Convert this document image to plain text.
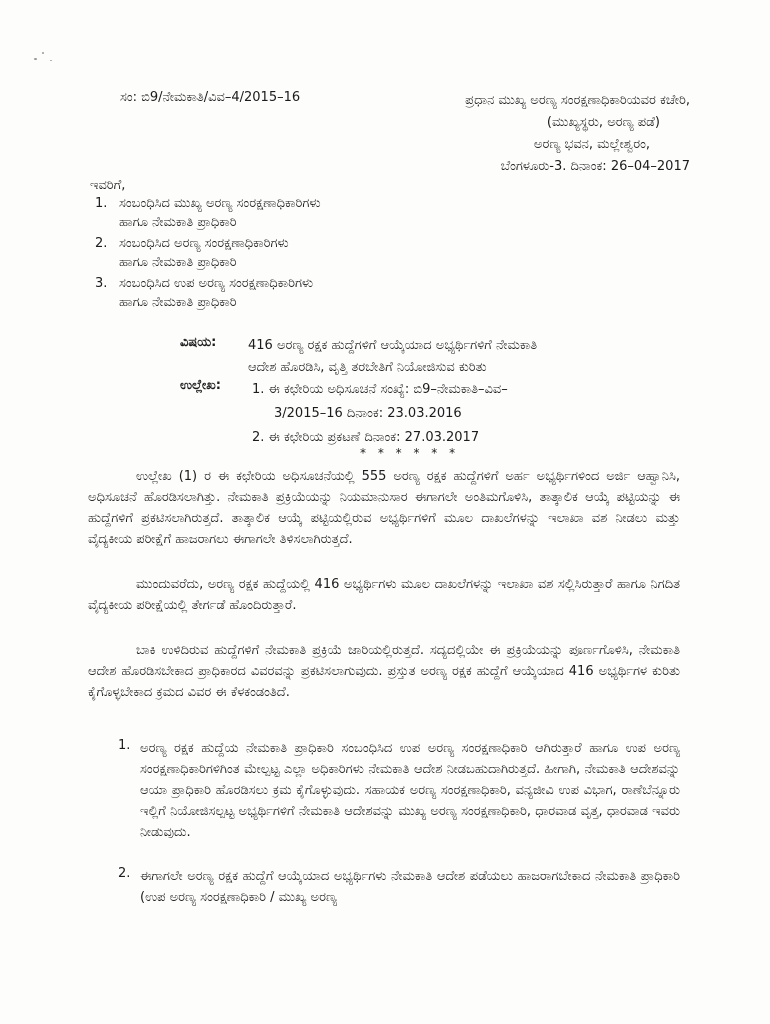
ಸಂ: ಬಿ9/ನೇಮಕಾತಿ/ವಿವ–4/2015–16	ಪ್ರಧಾನ ಮುಖ್ಯ ಅರಣ್ಯ ಸಂರಕ್ಷಣಾಧಿಕಾರಿಯವರ ಕಚೇರಿ,
(ಮುಖ್ಯಸ್ಥರು, ಅರಣ್ಯ ಪಡೆ)
ಅರಣ್ಯ ಭವನ, ಮಲ್ಲೇಶ್ವರಂ,
ಬೆಂಗಳೂರು-3. ದಿನಾಂಕ: 26–04–2017
ಇವರಿಗೆ,
1. ಸಂಬಂಧಿಸಿದ ಮುಖ್ಯ ಅರಣ್ಯ ಸಂರಕ್ಷಣಾಧಿಕಾರಿಗಳು
ಹಾಗೂ ನೇಮಕಾತಿ ಪ್ರಾಧಿಕಾರಿ
2. ಸಂಬಂಧಿಸಿದ ಅರಣ್ಯ ಸಂರಕ್ಷಣಾಧಿಕಾರಿಗಳು
ಹಾಗೂ ನೇಮಕಾತಿ ಪ್ರಾಧಿಕಾರಿ
3. ಸಂಬಂಧಿಸಿದ ಉಪ ಅರಣ್ಯ ಸಂರಕ್ಷಣಾಧಿಕಾರಿಗಳು
ಹಾಗೂ ನೇಮಕಾತಿ ಪ್ರಾಧಿಕಾರಿ
ವಿಷಯ: 416 ಅರಣ್ಯ ರಕ್ಷಕ ಹುದ್ದೆಗಳಿಗೆ ಆಯ್ಕೆಯಾದ ಅಭ್ಯರ್ಥಿಗಳಿಗೆ ನೇಮಕಾತಿ
ಆದೇಶ ಹೊರಡಿಸಿ, ವೃತ್ತಿ ತರಬೇತಿಗೆ ನಿಯೋಜಿಸುವ ಕುರಿತು
ಉಲ್ಲೇಖ: 1. ಈ ಕಛೇರಿಯ ಅಧಿಸೂಚನೆ ಸಂಖ್ಯೆ: ಬಿ9–ನೇಮಕಾತಿ–ವಿವ–
3/2015–16 ದಿನಾಂಕ: 23.03.2016
2. ಈ ಕಛೇರಿಯ ಪ್ರಕಟಣೆ ದಿನಾಂಕ: 27.03.2017
* * * * * *
ಉಲ್ಲೇಖ (1) ರ ಈ ಕಛೇರಿಯ ಅಧಿಸೂಚನೆಯಲ್ಲಿ 555 ಅರಣ್ಯ ರಕ್ಷಕ ಹುದ್ದೆಗಳಿಗೆ ಅರ್ಹ ಅಭ್ಯರ್ಥಿಗಳಿಂದ ಅರ್ಜಿ ಆಹ್ವಾನಿಸಿ, ಅಧಿಸೂಚನೆ ಹೊರಡಿಸಲಾಗಿತ್ತು. ನೇಮಕಾತಿ ಪ್ರಕ್ರಿಯೆಯನ್ನು ನಿಯಮಾನುಸಾರ ಈಗಾಗಲೇ ಅಂತಿಮಗೊಳಿಸಿ, ತಾತ್ಕಾಲಿಕ ಆಯ್ಕೆ ಪಟ್ಟಿಯನ್ನು ಈ ಹುದ್ದೆಗಳಿಗೆ ಪ್ರಕಟಿಸಲಾಗಿರುತ್ತದೆ. ತಾತ್ಕಾಲಿಕ ಆಯ್ಕೆ ಪಟ್ಟಿಯಲ್ಲಿರುವ ಅಭ್ಯರ್ಥಿಗಳಿಗೆ ಮೂಲ ದಾಖಲೆಗಳನ್ನು ಇಲಾಖಾ ವಶ ನೀಡಲು ಮತ್ತು ವೈದ್ಯಕೀಯ ಪರೀಕ್ಷೆಗೆ ಹಾಜರಾಗಲು ಈಗಾಗಲೇ ತಿಳಿಸಲಾಗಿರುತ್ತದೆ.
ಮುಂದುವರೆದು, ಅರಣ್ಯ ರಕ್ಷಕ ಹುದ್ದೆಯಲ್ಲಿ 416 ಅಭ್ಯರ್ಥಿಗಳು ಮೂಲ ದಾಖಲೆಗಳನ್ನು ಇಲಾಖಾ ವಶ ಸಲ್ಲಿಸಿರುತ್ತಾರೆ ಹಾಗೂ ನಿಗದಿತ ವೈದ್ಯಕೀಯ ಪರೀಕ್ಷೆಯಲ್ಲಿ ತೇರ್ಗಡೆ ಹೊಂದಿರುತ್ತಾರೆ.
ಬಾಕಿ ಉಳಿದಿರುವ ಹುದ್ದೆಗಳಿಗೆ ನೇಮಕಾತಿ ಪ್ರಕ್ರಿಯೆ ಜಾರಿಯಲ್ಲಿರುತ್ತದೆ. ಸದ್ಯದಲ್ಲಿಯೇ ಈ ಪ್ರಕ್ರಿಯೆಯನ್ನು ಪೂರ್ಣಗೊಳಿಸಿ, ನೇಮಕಾತಿ ಆದೇಶ ಹೊರಡಿಸಬೇಕಾದ ಪ್ರಾಧಿಕಾರದ ವಿವರವನ್ನು ಪ್ರಕಟಿಸಲಾಗುವುದು. ಪ್ರಸ್ತುತ ಅರಣ್ಯ ರಕ್ಷಕ ಹುದ್ದೆಗೆ ಆಯ್ಕೆಯಾದ 416 ಅಭ್ಯರ್ಥಿಗಳ ಕುರಿತು ಕೈಗೊಳ್ಳಬೇಕಾದ ಕ್ರಮದ ವಿವರ ಈ ಕೆಳಕಂಡಂತಿದೆ.
1. ಅರಣ್ಯ ರಕ್ಷಕ ಹುದ್ದೆಯ ನೇಮಕಾತಿ ಪ್ರಾಧಿಕಾರಿ ಸಂಬಂಧಿಸಿದ ಉಪ ಅರಣ್ಯ ಸಂರಕ್ಷಣಾಧಿಕಾರಿ ಆಗಿರುತ್ತಾರೆ ಹಾಗೂ ಉಪ ಅರಣ್ಯ ಸಂರಕ್ಷಣಾಧಿಕಾರಿಗಳಿಗಿಂತ ಮೇಲ್ಪಟ್ಟ ಎಲ್ಲಾ ಅಧಿಕಾರಿಗಳು ನೇಮಕಾತಿ ಆದೇಶ ನೀಡಬಹುದಾಗಿರುತ್ತದೆ. ಹೀಗಾಗಿ, ನೇಮಕಾತಿ ಆದೇಶವನ್ನು ಆಯಾ ಪ್ರಾಧಿಕಾರಿ ಹೊರಡಿಸಲು ಕ್ರಮ ಕೈಗೊಳ್ಳುವುದು. ಸಹಾಯಕ ಅರಣ್ಯ ಸಂರಕ್ಷಣಾಧಿಕಾರಿ, ವನ್ಯಜೀವಿ ಉಪ ವಿಭಾಗ, ರಾಣೆಬೆನ್ನೂರು ಇಲ್ಲಿಗೆ ನಿಯೋಜಿಸಲ್ಪಟ್ಟ ಅಭ್ಯರ್ಥಿಗಳಿಗೆ ನೇಮಕಾತಿ ಆದೇಶವನ್ನು ಮುಖ್ಯ ಅರಣ್ಯ ಸಂರಕ್ಷಣಾಧಿಕಾರಿ, ಧಾರವಾಡ ವೃತ್ತ, ಧಾರವಾಡ ಇವರು ನೀಡುವುದು.
2. ಈಗಾಗಲೇ ಅರಣ್ಯ ರಕ್ಷಕ ಹುದ್ದೆಗೆ ಆಯ್ಕೆಯಾದ ಅಭ್ಯರ್ಥಿಗಳು ನೇಮಕಾತಿ ಆದೇಶ ಪಡೆಯಲು ಹಾಜರಾಗಬೇಕಾದ ನೇಮಕಾತಿ ಪ್ರಾಧಿಕಾರಿ (ಉಪ ಅರಣ್ಯ ಸಂರಕ್ಷಣಾಧಿಕಾರಿ / ಮುಖ್ಯ ಅರಣ್ಯ
